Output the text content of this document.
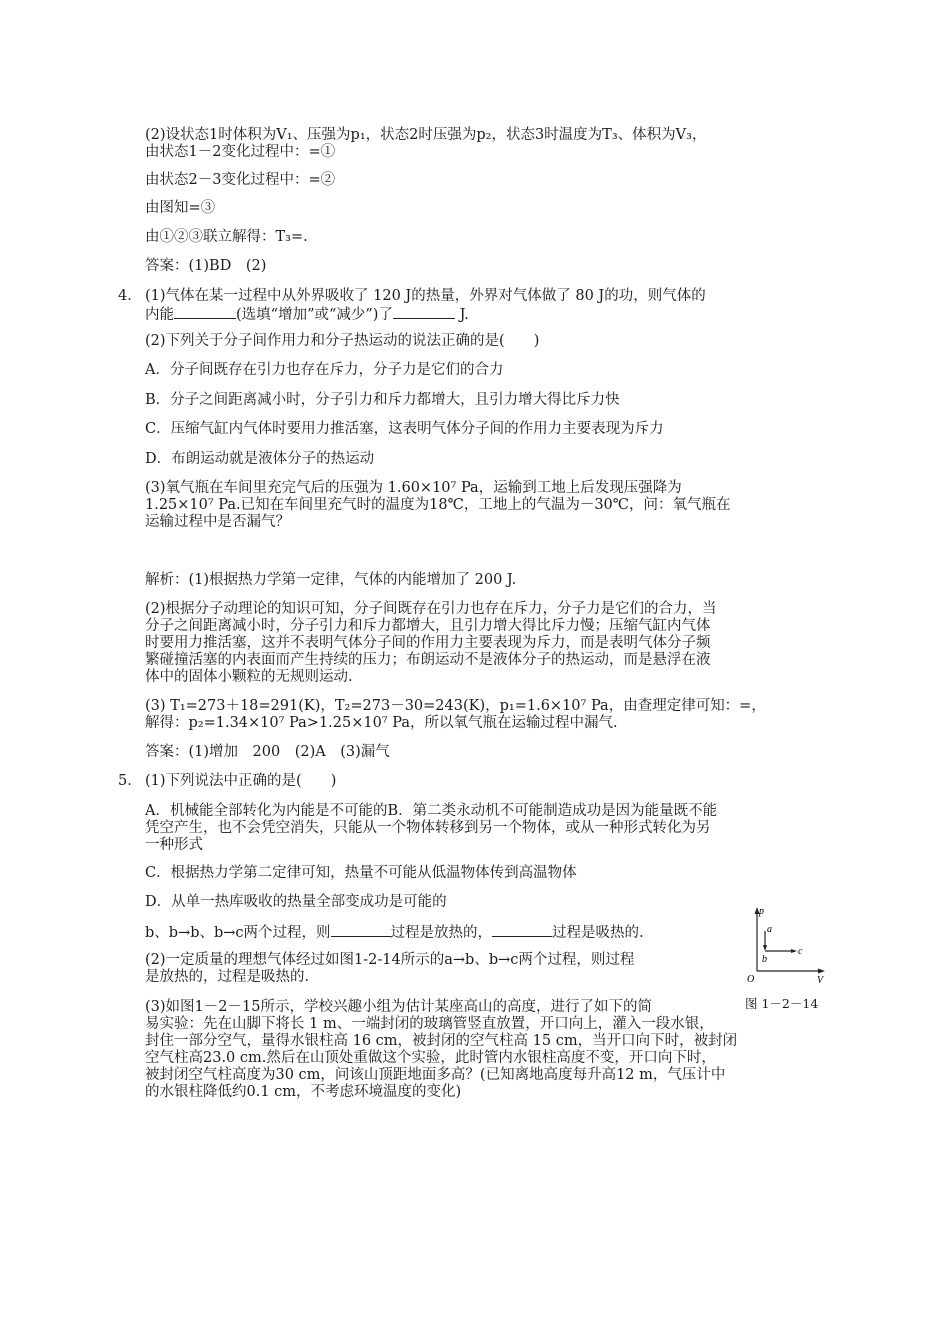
(2)设状态1时体积为V₁、压强为p₁，状态2时压强为p₂，状态3时温度为T₃、体积为V₃，

由状态1－2变化过程中：=①

由状态2－3变化过程中：=②

由图知=③

由①②③联立解得：T₃=.

答案：(1)BD　(2)

4． (1)气体在某一过程中从外界吸收了 120 J的热量，外界对气体做了 80 J的功，则气体的

内能	(选填“增加”或“减少”)了	J.

(2)下列关于分子间作用力和分子热运动的说法正确的是(　　)

A．分子间既存在引力也存在斥力，分子力是它们的合力

B．分子之间距离减小时，分子引力和斥力都增大，且引力增大得比斥力快

C．压缩气缸内气体时要用力推活塞，这表明气体分子间的作用力主要表现为斥力

D．布朗运动就是液体分子的热运动

(3)氧气瓶在车间里充完气后的压强为 1.60×10⁷ Pa，运输到工地上后发现压强降为

1.25×10⁷ Pa.已知在车间里充气时的温度为18℃，工地上的气温为－30℃，问：氧气瓶在

运输过程中是否漏气？

解析：(1)根据热力学第一定律，气体的内能增加了 200 J.

(2)根据分子动理论的知识可知，分子间既存在引力也存在斥力，分子力是它们的合力，当

分子之间距离减小时，分子引力和斥力都增大，且引力增大得比斥力慢；压缩气缸内气体

时要用力推活塞，这并不表明气体分子间的作用力主要表现为斥力，而是表明气体分子频

繁碰撞活塞的内表面而产生持续的压力；布朗运动不是液体分子的热运动，而是悬浮在液

体中的固体小颗粒的无规则运动.

(3) T₁=273＋18=291(K)，T₂=273－30=243(K)，p₁=1.6×10⁷ Pa，由查理定律可知：=，

解得：p₂=1.34×10⁷ Pa>1.25×10⁷ Pa，所以氧气瓶在运输过程中漏气.

答案：(1)增加　200　(2)A　(3)漏气

5． (1)下列说法中正确的是(　　)

A．机械能全部转化为内能是不可能的B．第二类永动机不可能制造成功是因为能量既不能

凭空产生，也不会凭空消失，只能从一个物体转移到另一个物体，或从一种形式转化为另

一种形式

C．根据热力学第二定律可知，热量不可能从低温物体传到高温物体

D．从单一热库吸收的热量全部变成功是可能的

b、b→b、b→c两个过程，则	过程是放热的，	过程是吸热的.

(2)一定质量的理想气体经过如图1-2-14所示的a→b、b→c两个过程，则过程

是放热的，过程是吸热的.

(3)如图1－2－15所示，学校兴趣小组为估计某座高山的高度，进行了如下的简

易实验：先在山脚下将长 1 m、一端封闭的玻璃管竖直放置，开口向上，灌入一段水银，

封住一部分空气，量得水银柱高 16 cm，被封闭的空气柱高 15 cm，当开口向下时，被封闭

空气柱高23.0 cm.然后在山顶处重做这个实验，此时管内水银柱高度不变，开口向下时，

被封闭空气柱高度为30 cm，问该山顶距地面多高？(已知离地高度每升高12 m，气压计中

的水银柱降低约0.1 cm，不考虑环境温度的变化)

p
V
O
a
b
c
图 1－2－14
